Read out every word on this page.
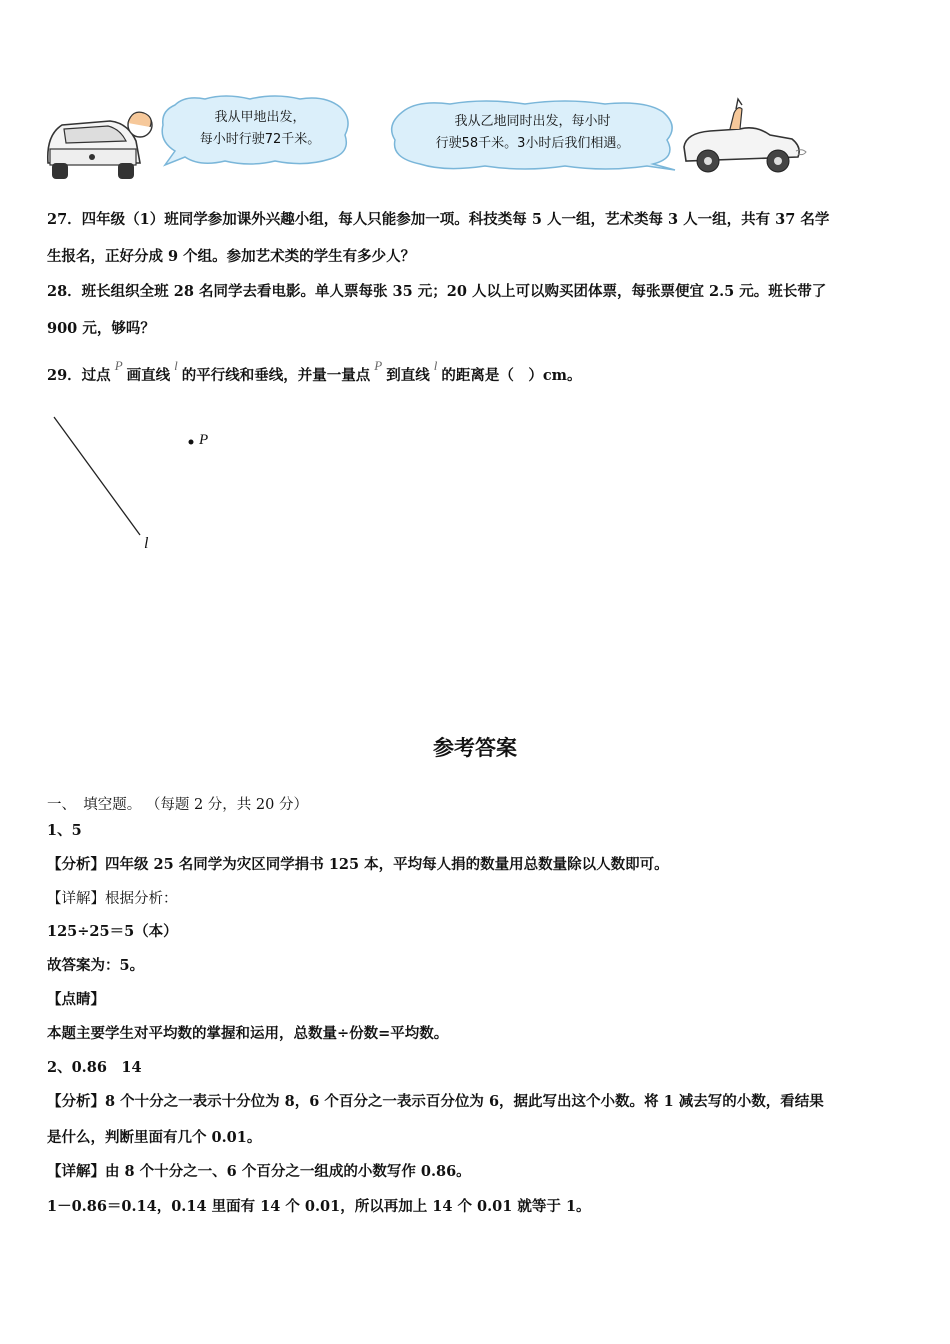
我从甲地出发，
每小时行驶72千米。
我从乙地同时出发，每小时
行驶58千米。3小时后我们相遇。
27．四年级（1）班同学参加课外兴趣小组，每人只能参加一项。科技类每 5 人一组，艺术类每 3 人一组，共有 37 名学
生报名，正好分成 9 个组。参加艺术类的学生有多少人？
28．班长组织全班 28 名同学去看电影。单人票每张 35 元；20 人以上可以购买团体票，每张票便宜 2.5 元。班长带了
900 元，够吗？
29．过点P画直线l的平行线和垂线，并量一量点P到直线l的距离是（　）cm。
P
l
参考答案
一、　填空题。 （每题 2 分，共 20 分）
1、5
【分析】四年级 25 名同学为灾区同学捐书 125 本，平均每人捐的数量用总数量除以人数即可。
【详解】根据分析：
125÷25＝5（本）
故答案为：5。
【点睛】
本题主要学生对平均数的掌握和运用，总数量÷份数=平均数。
2、0.86　14
【分析】8 个十分之一表示十分位为 8，6 个百分之一表示百分位为 6，据此写出这个小数。将 1 减去写的小数，看结果
是什么，判断里面有几个 0.01。
【详解】由 8 个十分之一、6 个百分之一组成的小数写作 0.86。
1－0.86＝0.14，0.14 里面有 14 个 0.01，所以再加上 14 个 0.01 就等于 1。
